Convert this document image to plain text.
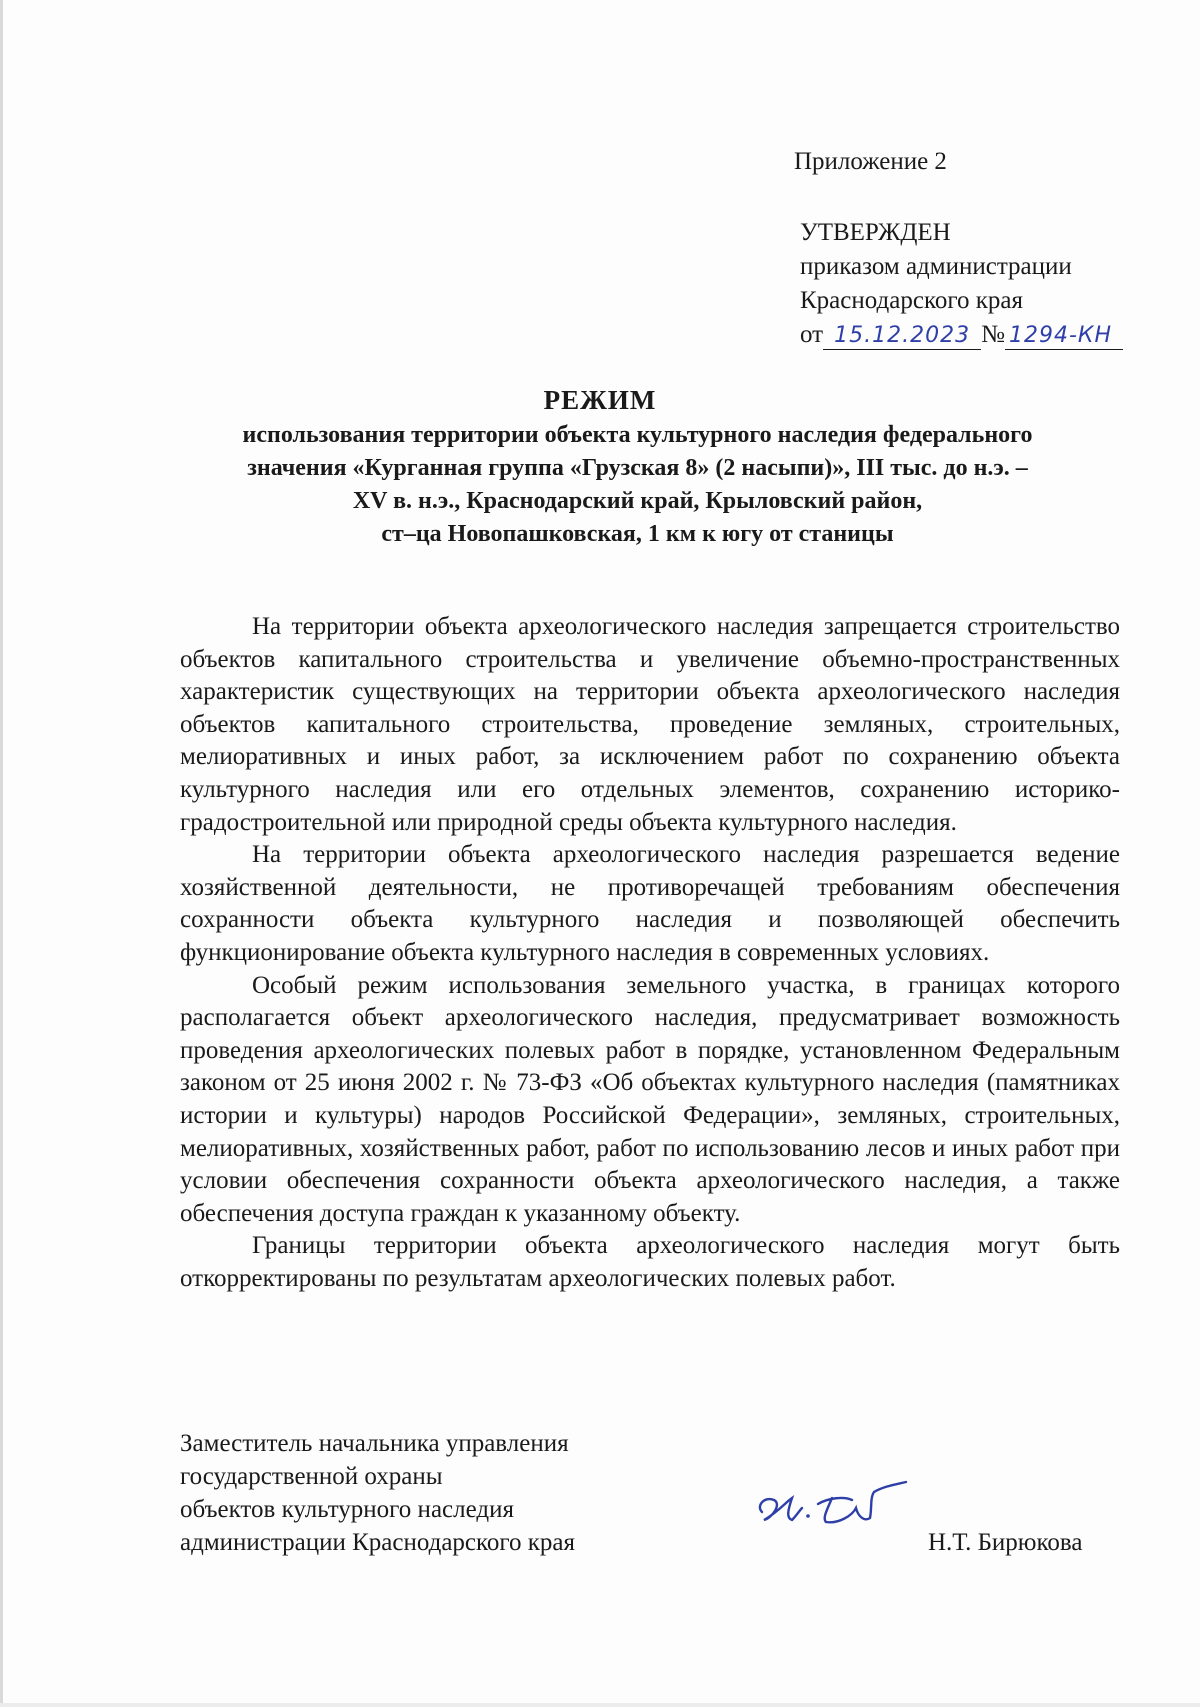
Приложение 2
УТВЕРЖДЕН
приказом администрации
Краснодарского края
от 15.12.2023 № 1294-КН
РЕЖИМ
использования территории объекта культурного наследия федерального
значения «Курганная группа «Грузская 8» (2 насыпи)», III тыс. до н.э. –
XV в. н.э., Краснодарский край, Крыловский район,
ст–ца Новопашковская, 1 км к югу от станицы

На территории объекта археологического наследия запрещается строительство объектов капитального строительства и увеличение объемно-пространственных характеристик существующих на территории объекта археологического наследия объектов капитального строительства, проведение земляных, строительных, мелиоративных и иных работ, за исключением работ по сохранению объекта культурного наследия или его отдельных элементов, сохранению историко-градостроительной или природной среды объекта культурного наследия.

На территории объекта археологического наследия разрешается ведение хозяйственной деятельности, не противоречащей требованиям обеспечения сохранности объекта культурного наследия и позволяющей обеспечить функционирование объекта культурного наследия в современных условиях.

Особый режим использования земельного участка, в границах которого располагается объект археологического наследия, предусматривает возможность проведения археологических полевых работ в порядке, установленном Федеральным законом от 25 июня 2002 г. № 73-ФЗ «Об объектах культурного наследия (памятниках истории и культуры) народов Российской Федерации», земляных, строительных, мелиоративных, хозяйственных работ, работ по использованию лесов и иных работ при условии обеспечения сохранности объекта археологического наследия, а также обеспечения доступа граждан к указанному объекту.

Границы территории объекта археологического наследия могут быть откорректированы по результатам археологических полевых работ.

Заместитель начальника управления
государственной охраны
объектов культурного наследия
администрации Краснодарского края	Н.Т. Бирюкова
